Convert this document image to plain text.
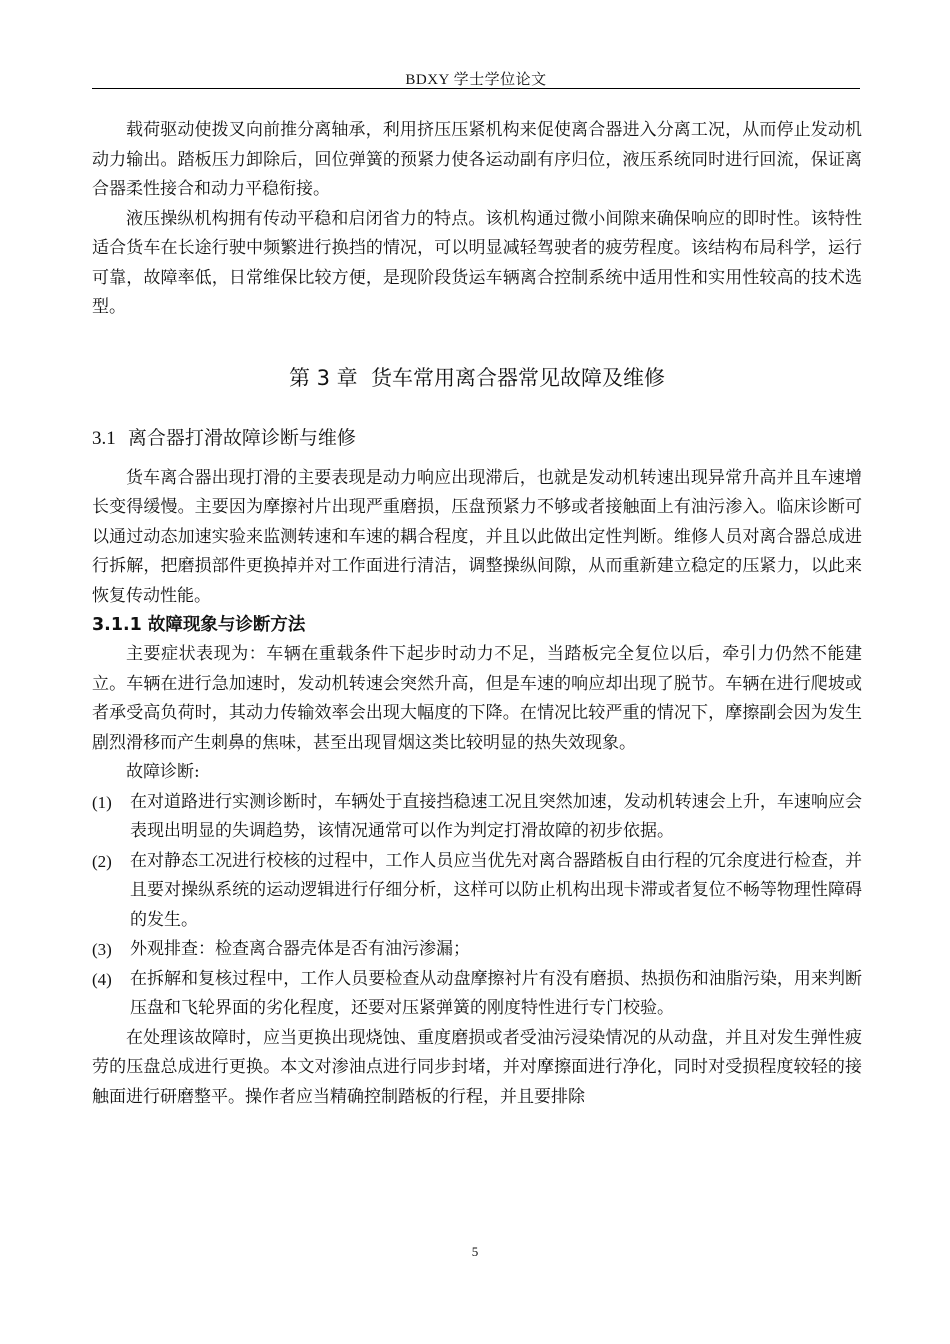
BDXY 学士学位论文

载荷驱动使拨叉向前推分离轴承，利用挤压压紧机构来促使离合器进入分离工况，从而停止发动机动力输出。踏板压力卸除后，回位弹簧的预紧力使各运动副有序归位，液压系统同时进行回流，保证离合器柔性接合和动力平稳衔接。

液压操纵机构拥有传动平稳和启闭省力的特点。该机构通过微小间隙来确保响应的即时性。该特性适合货车在长途行驶中频繁进行换挡的情况，可以明显减轻驾驶者的疲劳程度。该结构布局科学，运行可靠，故障率低，日常维保比较方便，是现阶段货运车辆离合控制系统中适用性和实用性较高的技术选型。

第 3 章 货车常用离合器常见故障及维修
3.1 离合器打滑故障诊断与维修

货车离合器出现打滑的主要表现是动力响应出现滞后，也就是发动机转速出现异常升高并且车速增长变得缓慢。主要因为摩擦衬片出现严重磨损，压盘预紧力不够或者接触面上有油污渗入。临床诊断可以通过动态加速实验来监测转速和车速的耦合程度，并且以此做出定性判断。维修人员对离合器总成进行拆解，把磨损部件更换掉并对工作面进行清洁，调整操纵间隙，从而重新建立稳定的压紧力，以此来恢复传动性能。

3.1.1 故障现象与诊断方法

主要症状表现为：车辆在重载条件下起步时动力不足，当踏板完全复位以后，牵引力仍然不能建立。车辆在进行急加速时，发动机转速会突然升高，但是车速的响应却出现了脱节。车辆在进行爬坡或者承受高负荷时，其动力传输效率会出现大幅度的下降。在情况比较严重的情况下，摩擦副会因为发生剧烈滑移而产生刺鼻的焦味，甚至出现冒烟这类比较明显的热失效现象。

故障诊断:

(1) 在对道路进行实测诊断时，车辆处于直接挡稳速工况且突然加速，发动机转速会上升，车速响应会表现出明显的失调趋势，该情况通常可以作为判定打滑故障的初步依据。
(2) 在对静态工况进行校核的过程中，工作人员应当优先对离合器踏板自由行程的冗余度进行检查，并且要对操纵系统的运动逻辑进行仔细分析，这样可以防止机构出现卡滞或者复位不畅等物理性障碍的发生。
(3) 外观排查：检查离合器壳体是否有油污渗漏；
(4) 在拆解和复核过程中，工作人员要检查从动盘摩擦衬片有没有磨损、热损伤和油脂污染，用来判断压盘和飞轮界面的劣化程度，还要对压紧弹簧的刚度特性进行专门校验。

在处理该故障时，应当更换出现烧蚀、重度磨损或者受油污浸染情况的从动盘，并且对发生弹性疲劳的压盘总成进行更换。本文对渗油点进行同步封堵，并对摩擦面进行净化，同时对受损程度较轻的接触面进行研磨整平。操作者应当精确控制踏板的行程，并且要排除

5
